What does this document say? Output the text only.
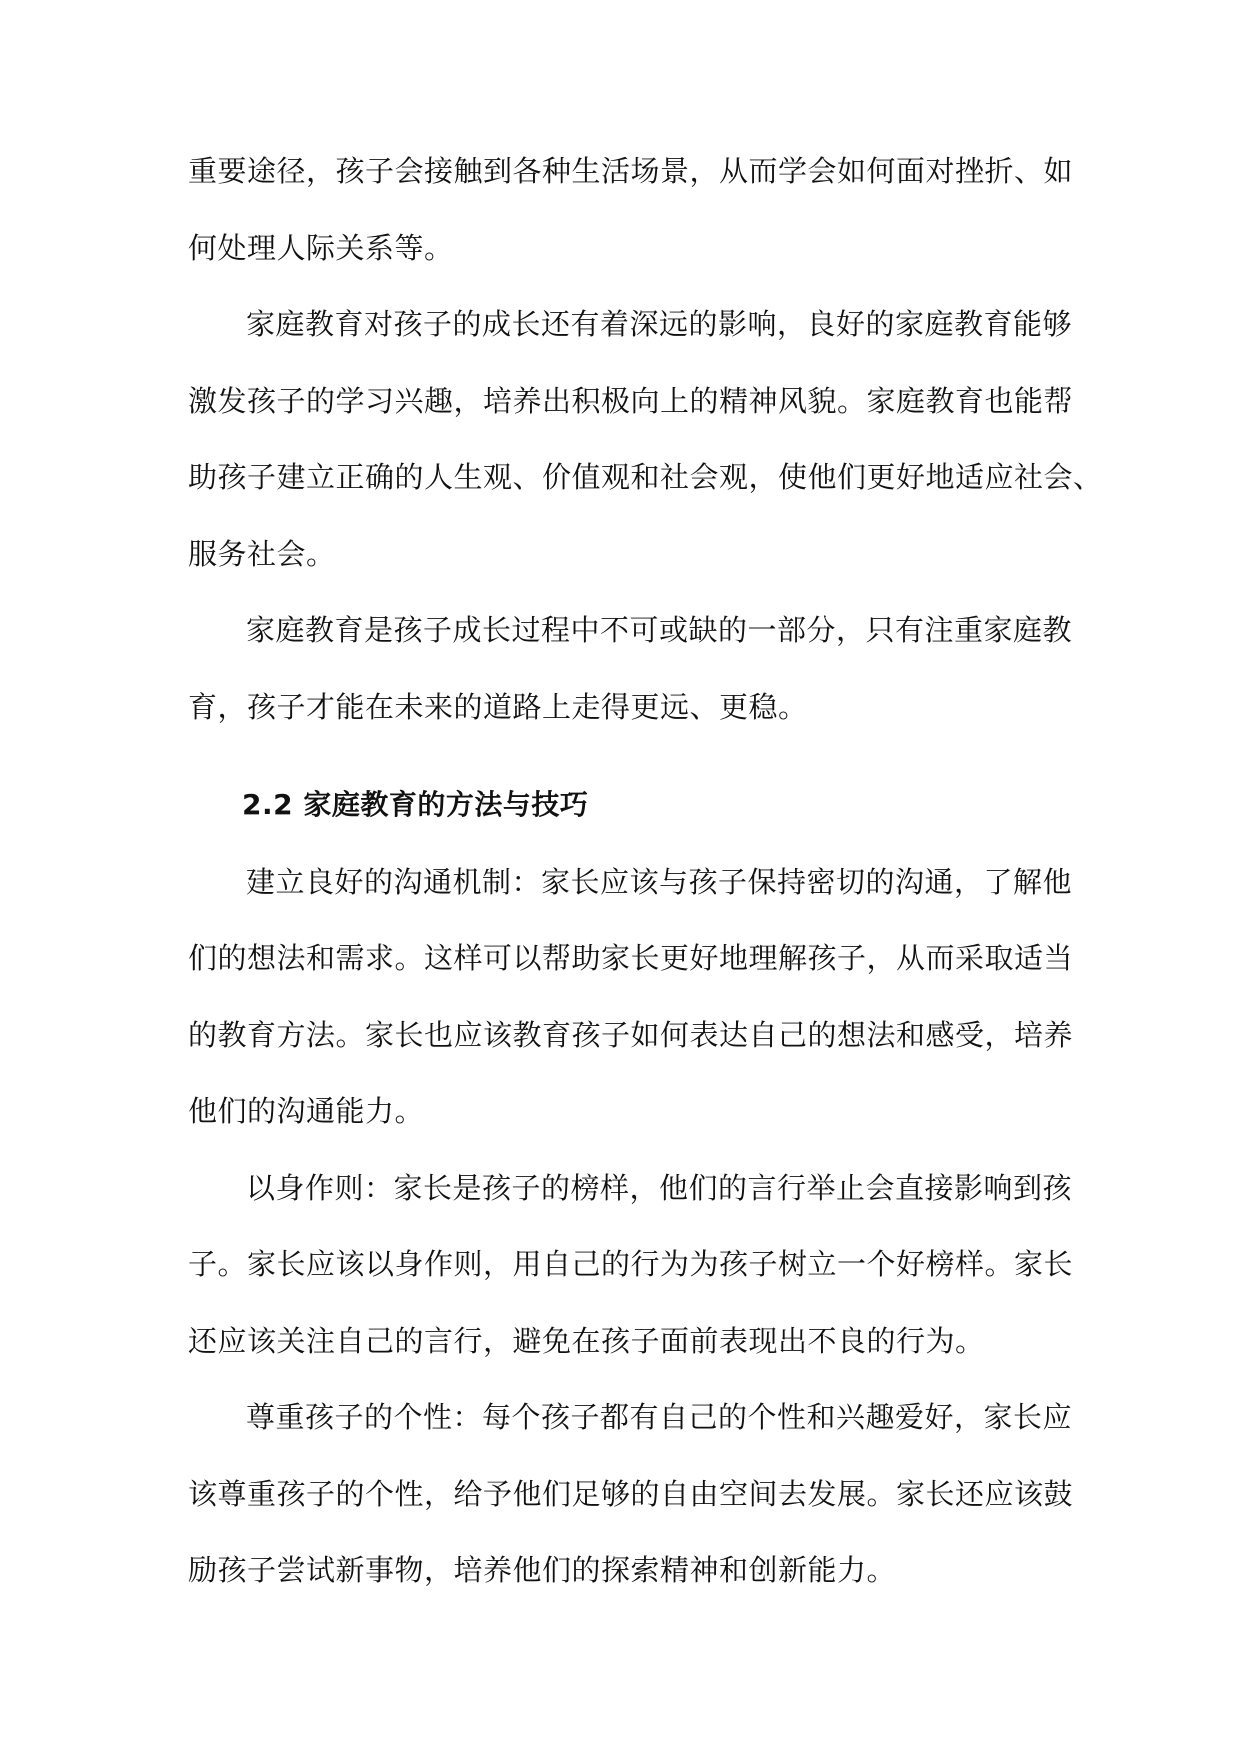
重要途径，孩子会接触到各种生活场景，从而学会如何面对挫折、如
何处理人际关系等。
家庭教育对孩子的成长还有着深远的影响，良好的家庭教育能够
激发孩子的学习兴趣，培养出积极向上的精神风貌。家庭教育也能帮
助孩子建立正确的人生观、价值观和社会观，使他们更好地适应社会、
服务社会。
家庭教育是孩子成长过程中不可或缺的一部分，只有注重家庭教
育，孩子才能在未来的道路上走得更远、更稳。
2.2 家庭教育的方法与技巧
建立良好的沟通机制：家长应该与孩子保持密切的沟通，了解他
们的想法和需求。这样可以帮助家长更好地理解孩子，从而采取适当
的教育方法。家长也应该教育孩子如何表达自己的想法和感受，培养
他们的沟通能力。
以身作则：家长是孩子的榜样，他们的言行举止会直接影响到孩
子。家长应该以身作则，用自己的行为为孩子树立一个好榜样。家长
还应该关注自己的言行，避免在孩子面前表现出不良的行为。
尊重孩子的个性：每个孩子都有自己的个性和兴趣爱好，家长应
该尊重孩子的个性，给予他们足够的自由空间去发展。家长还应该鼓
励孩子尝试新事物，培养他们的探索精神和创新能力。
